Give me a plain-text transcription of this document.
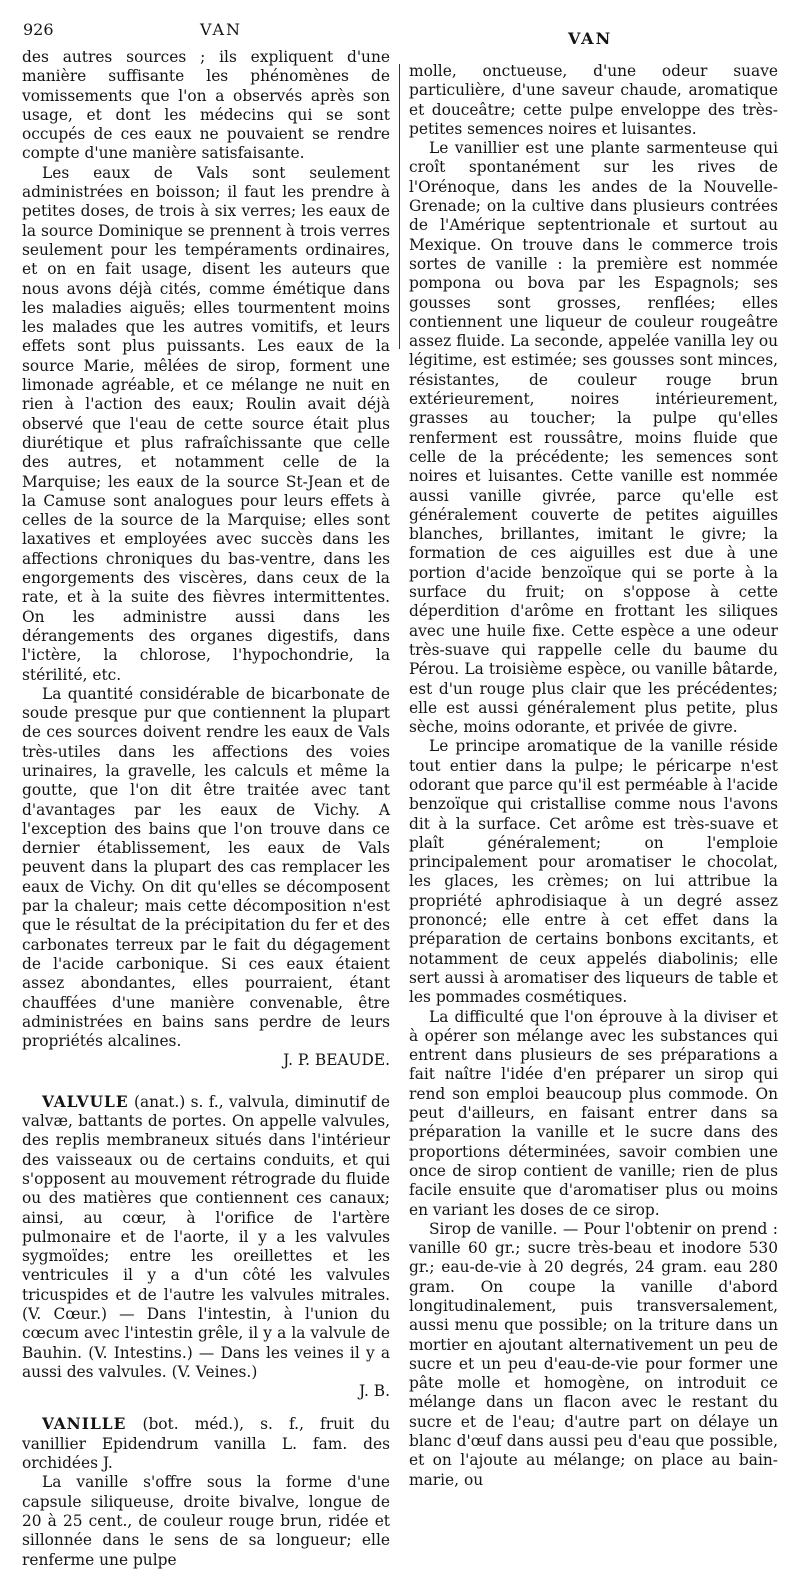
926	VAN	VAN

des autres sources ; ils expliquent d'une manière suffisante les phénomènes de vomissements que l'on a observés après son usage, et dont les médecins qui se sont occupés de ces eaux ne pouvaient se rendre compte d'une manière satisfaisante.

Les eaux de Vals sont seulement administrées en boisson; il faut les prendre à petites doses, de trois à six verres; les eaux de la source Dominique se prennent à trois verres seulement pour les tempéraments ordinaires, et on en fait usage, disent les auteurs que nous avons déjà cités, comme émétique dans les maladies aiguës; elles tourmentent moins les malades que les autres vomitifs, et leurs effets sont plus puissants. Les eaux de la source Marie, mêlées de sirop, forment une limonade agréable, et ce mélange ne nuit en rien à l'action des eaux; Roulin avait déjà observé que l'eau de cette source était plus diurétique et plus rafraîchissante que celle des autres, et notamment celle de la Marquise; les eaux de la source St-Jean et de la Camuse sont analogues pour leurs effets à celles de la source de la Marquise; elles sont laxatives et employées avec succès dans les affections chroniques du bas-ventre, dans les engorgements des viscères, dans ceux de la rate, et à la suite des fièvres intermittentes. On les administre aussi dans les dérangements des organes digestifs, dans l'ictère, la chlorose, l'hypochondrie, la stérilité, etc.

La quantité considérable de bicarbonate de soude presque pur que contiennent la plupart de ces sources doivent rendre les eaux de Vals très-utiles dans les affections des voies urinaires, la gravelle, les calculs et même la goutte, que l'on dit être traitée avec tant d'avantages par les eaux de Vichy. A l'exception des bains que l'on trouve dans ce dernier établissement, les eaux de Vals peuvent dans la plupart des cas remplacer les eaux de Vichy. On dit qu'elles se décomposent par la chaleur; mais cette décomposition n'est que le résultat de la précipitation du fer et des carbonates terreux par le fait du dégagement de l'acide carbonique. Si ces eaux étaient assez abondantes, elles pourraient, étant chauffées d'une manière convenable, être administrées en bains sans perdre de leurs propriétés alcalines.

J. P. BEAUDE.

VALVULE (anat.) s. f., valvula, diminutif de valvæ, battants de portes. On appelle valvules, des replis membraneux situés dans l'intérieur des vaisseaux ou de certains conduits, et qui s'opposent au mouvement rétrograde du fluide ou des matières que contiennent ces canaux; ainsi, au cœur, à l'orifice de l'artère pulmonaire et de l'aorte, il y a les valvules sygmoïdes; entre les oreillettes et les ventricules il y a d'un côté les valvules tricuspides et de l'autre les valvules mitrales. (V. Cœur.) — Dans l'intestin, à l'union du cœcum avec l'intestin grêle, il y a la valvule de Bauhin. (V. Intestins.) — Dans les veines il y a aussi des valvules. (V. Veines.)

J. B.

VANILLE (bot. méd.), s. f., fruit du vanillier Epidendrum vanilla L. fam. des orchidées J.

La vanille s'offre sous la forme d'une capsule siliqueuse, droite bivalve, longue de 20 à 25 cent., de couleur rouge brun, ridée et sillonnée dans le sens de sa longueur; elle renferme une pulpe

molle, onctueuse, d'une odeur suave particulière, d'une saveur chaude, aromatique et douceâtre; cette pulpe enveloppe des très-petites semences noires et luisantes.

Le vanillier est une plante sarmenteuse qui croît spontanément sur les rives de l'Orénoque, dans les andes de la Nouvelle-Grenade; on la cultive dans plusieurs contrées de l'Amérique septentrionale et surtout au Mexique. On trouve dans le commerce trois sortes de vanille : la première est nommée pompona ou bova par les Espagnols; ses gousses sont grosses, renflées; elles contiennent une liqueur de couleur rougeâtre assez fluide. La seconde, appelée vanilla ley ou légitime, est estimée; ses gousses sont minces, résistantes, de couleur rouge brun extérieurement, noires intérieurement, grasses au toucher; la pulpe qu'elles renferment est roussâtre, moins fluide que celle de la précédente; les semences sont noires et luisantes. Cette vanille est nommée aussi vanille givrée, parce qu'elle est généralement couverte de petites aiguilles blanches, brillantes, imitant le givre; la formation de ces aiguilles est due à une portion d'acide benzoïque qui se porte à la surface du fruit; on s'oppose à cette déperdition d'arôme en frottant les siliques avec une huile fixe. Cette espèce a une odeur très-suave qui rappelle celle du baume du Pérou. La troisième espèce, ou vanille bâtarde, est d'un rouge plus clair que les précédentes; elle est aussi généralement plus petite, plus sèche, moins odorante, et privée de givre.

Le principe aromatique de la vanille réside tout entier dans la pulpe; le péricarpe n'est odorant que parce qu'il est perméable à l'acide benzoïque qui cristallise comme nous l'avons dit à la surface. Cet arôme est très-suave et plaît généralement; on l'emploie principalement pour aromatiser le chocolat, les glaces, les crèmes; on lui attribue la propriété aphrodisiaque à un degré assez prononcé; elle entre à cet effet dans la préparation de certains bonbons excitants, et notamment de ceux appelés diabolinis; elle sert aussi à aromatiser des liqueurs de table et les pommades cosmétiques.

La difficulté que l'on éprouve à la diviser et à opérer son mélange avec les substances qui entrent dans plusieurs de ses préparations a fait naître l'idée d'en préparer un sirop qui rend son emploi beaucoup plus commode. On peut d'ailleurs, en faisant entrer dans sa préparation la vanille et le sucre dans des proportions déterminées, savoir combien une once de sirop contient de vanille; rien de plus facile ensuite que d'aromatiser plus ou moins en variant les doses de ce sirop.

Sirop de vanille. — Pour l'obtenir on prend : vanille 60 gr.; sucre très-beau et inodore 530 gr.; eau-de-vie à 20 degrés, 24 gram. eau 280 gram. On coupe la vanille d'abord longitudinalement, puis transversalement, aussi menu que possible; on la triture dans un mortier en ajoutant alternativement un peu de sucre et un peu d'eau-de-vie pour former une pâte molle et homogène, on introduit ce mélange dans un flacon avec le restant du sucre et de l'eau; d'autre part on délaye un blanc d'œuf dans aussi peu d'eau que possible, et on l'ajoute au mélange; on place au bain-marie, ou
